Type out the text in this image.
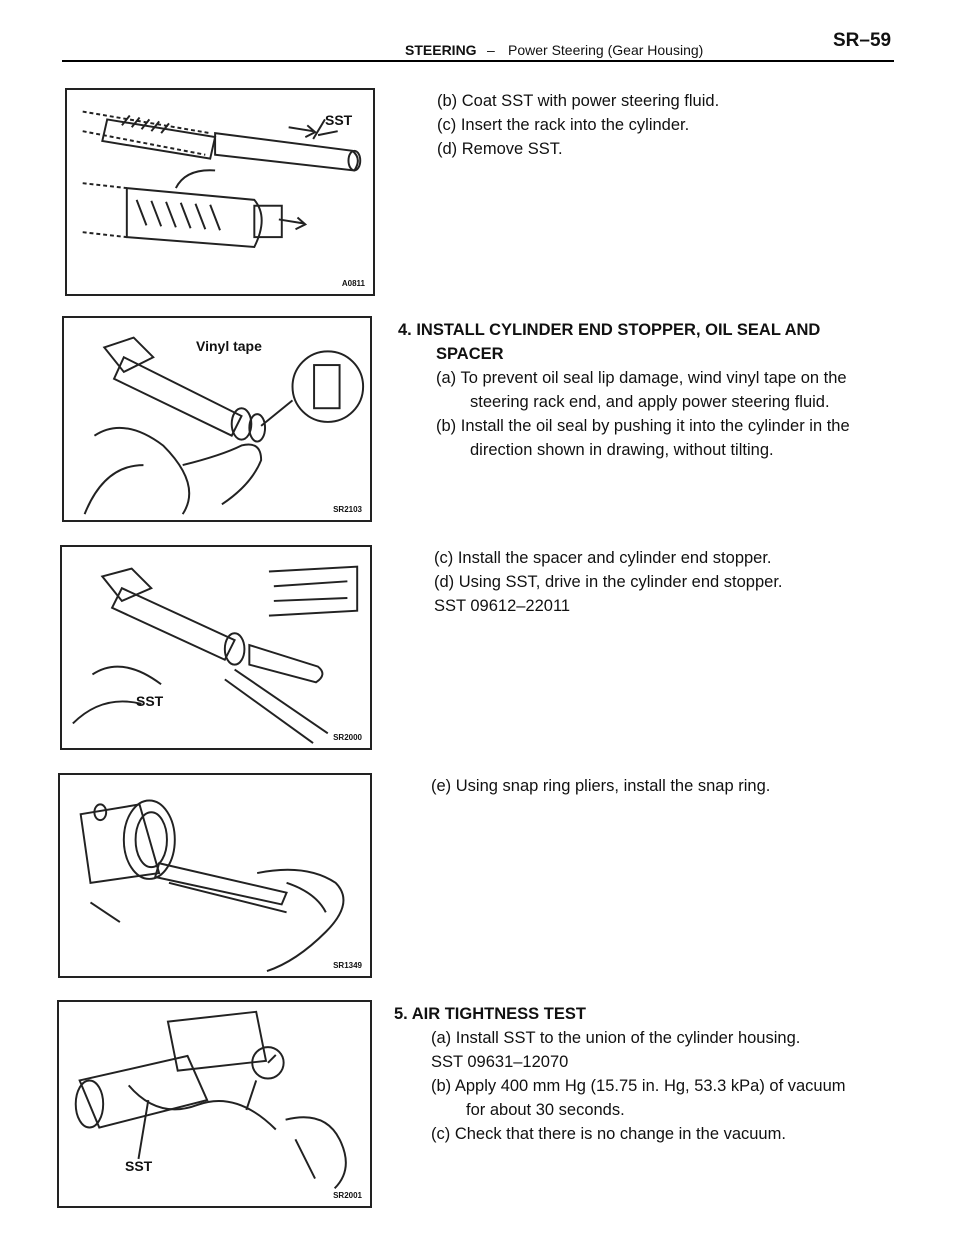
STEERING – Power Steering (Gear Housing)	SR–59
SST
A0811
Vinyl tape
SR2103
SST
SR2000
SR1349
SST
SR2001
(b) Coat SST with power steering fluid.
(c) Insert the rack into the cylinder.
(d) Remove SST.
4. INSTALL CYLINDER END STOPPER, OIL SEAL AND
SPACER
(a) To prevent oil seal lip damage, wind vinyl tape on the
steering rack end, and apply power steering fluid.
(b) Install the oil seal by pushing it into the cylinder in the
direction shown in drawing, without tilting.
(c) Install the spacer and cylinder end stopper.
(d) Using SST, drive in the cylinder end stopper.
SST 09612–22011
(e) Using snap ring pliers, install the snap ring.
5. AIR TIGHTNESS TEST
(a) Install SST to the union of the cylinder housing.
SST 09631–12070
(b) Apply 400 mm Hg (15.75 in. Hg, 53.3 kPa) of vacuum
for about 30 seconds.
(c) Check that there is no change in the vacuum.
